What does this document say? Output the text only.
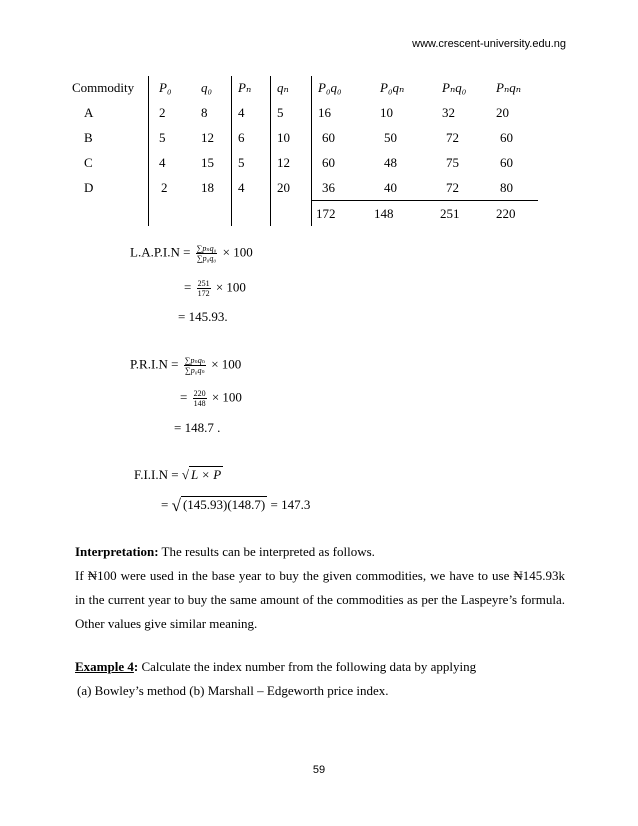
www.crescent-university.edu.ng
Commodity	P₀	q₀	Pₙ	qₙ	P₀q₀	P₀qₙ	Pₙq₀	Pₙqₙ
A	2	8	4	5	16	10	32	20
B	5	12	6	10	60	50	72	60
C	4	15	5	12	60	48	75	60
D	2	18	4	20	36	40	72	80
					172	148	251	220
$L.A.P.I.N = \frac{\text{∑pₙq₀}}{\text{∑p₀q₀}} \times 100$
= $\frac{251}{172} \times 100$
= 145.93.
$P.R.I.N = \frac{\text{∑pₙqₙ}}{\text{∑p₀qₙ}} \times 100$
= $\frac{220}{148} \times 100$
= 148.7 .
F.I.I.N = √ L × P
= √ (145.93)(148.7) = 147.3
Interpretation: The results can be interpreted as follows.
If ₦100 were used in the base year to buy the given commodities, we have to use ₦145.93k in the current year to buy the same amount of the commodities as per the Laspeyre’s formula. Other values give similar meaning.
Example 4: Calculate the index number from the following data by applying
(a) Bowley’s method (b) Marshall – Edgeworth price index.
59
